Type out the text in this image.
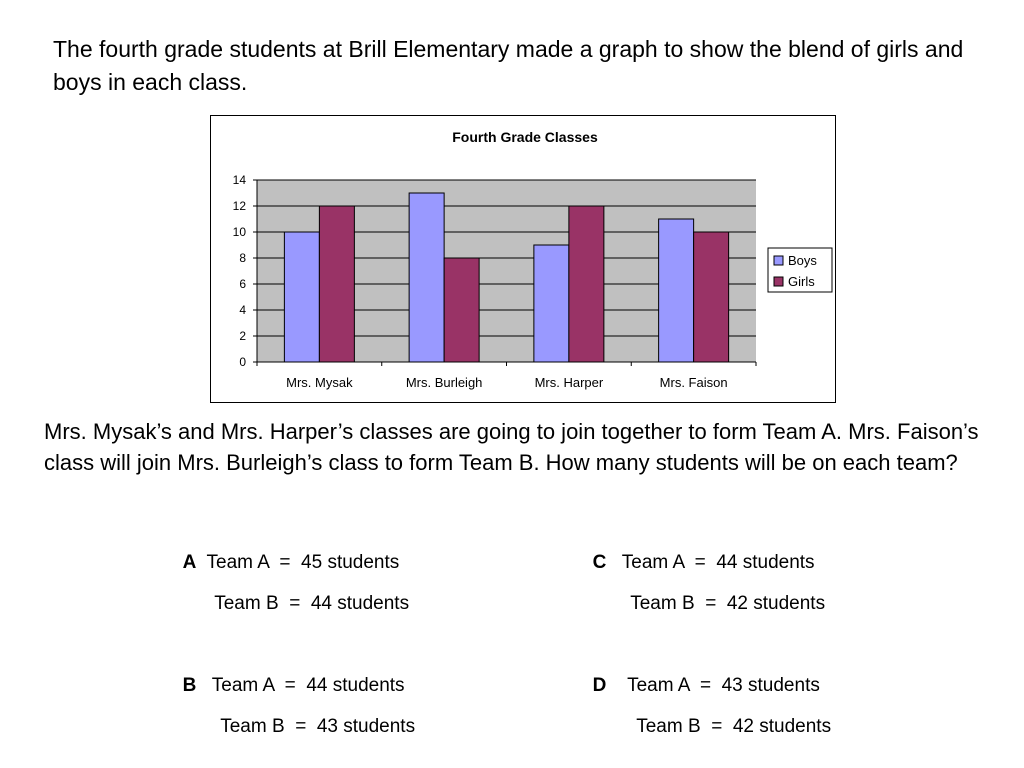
The fourth grade students at Brill Elementary made a graph to show the blend of girls and boys in each class.

Fourth Grade Classes
0
2
4
6
8
10
12
14
Mrs. Mysak	Mrs. Burleigh	Mrs. Harper	Mrs. Faison
Boys
Girls

Mrs. Mysak’s and Mrs. Harper’s classes are going to join together to form Team A. Mrs. Faison’s class will join Mrs. Burleigh’s class to form Team B. How many students will be on each team?

A Team A  =  45 students

Team B  =  44 students

C Team A  =  44 students

Team B  =  42 students

B Team A  =  44 students

Team B  =  43 students

D Team A  =  43 students

Team B  =  42 students
